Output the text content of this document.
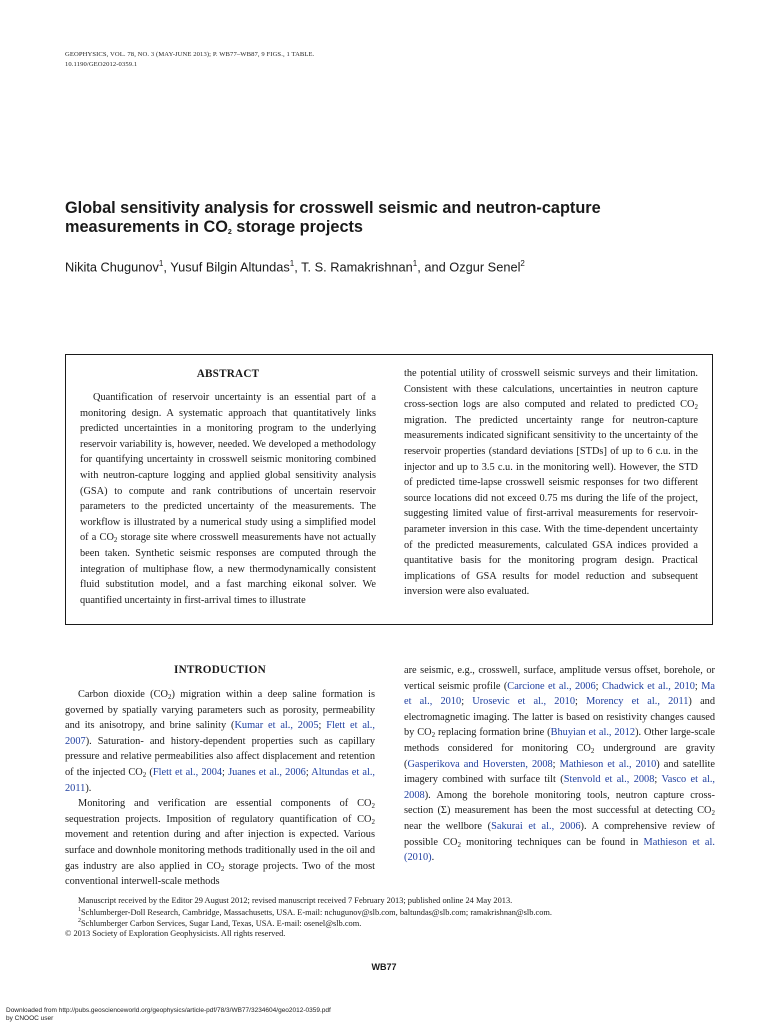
GEOPHYSICS, VOL. 78, NO. 3 (MAY-JUNE 2013); P. WB77–WB87, 9 FIGS., 1 TABLE.
10.1190/GEO2012-0359.1
Global sensitivity analysis for crosswell seismic and neutron-capture
measurements in $CO_2$ storage projects
Nikita Chugunov$^1$, Yusuf Bilgin Altundas$^1$, T. S. Ramakrishnan$^1$, and Ozgur Senel$^2$
ABSTRACT
Quantification of reservoir uncertainty is an essential part of a monitoring design. A systematic approach that quantitatively links predicted uncertainties in a monitoring program to the underlying reservoir variability is, however, needed. We developed a methodology for quantifying uncertainty in crosswell seismic monitoring combined with neutron-capture logging and applied global sensitivity analysis (GSA) to compute and rank contributions of uncertain reservoir parameters to the predicted uncertainty of the measurements. The workflow is illustrated by a numerical study using a simplified model of a $CO_2$ storage site where crosswell measurements have not actually been taken. Synthetic seismic responses are computed through the integration of multiphase flow, a new thermodynamically consistent fluid substitution model, and a fast marching eikonal solver. We quantified uncertainty in first-arrival times to illustrate
the potential utility of crosswell seismic surveys and their limitation. Consistent with these calculations, uncertainties in neutron capture cross-section logs are also computed and related to predicted $CO_2$ migration. The predicted uncertainty range for neutron-capture measurements indicated significant sensitivity to the uncertainty of the reservoir properties (standard deviations [STDs] of up to 6 c.u. in the injector and up to 3.5 c.u. in the monitoring well). However, the STD of predicted time-lapse crosswell seismic responses for two different source locations did not exceed 0.75 ms during the life of the project, suggesting limited value of first-arrival measurements for reservoir-parameter inversion in this case. With the time-dependent uncertainty of the predicted measurements, calculated GSA indices provided a quantitative basis for the monitoring program design. Practical implications of GSA results for model reduction and subsequent inversion were also evaluated.
INTRODUCTION
Carbon dioxide $(CO_2)$ migration within a deep saline formation is governed by spatially varying parameters such as porosity, permeability and its anisotropy, and brine salinity (Kumar et al., 2005; Flett et al., 2007). Saturation- and history-dependent properties such as capillary pressure and relative permeabilities also affect displacement and retention of the injected $CO_2$ (Flett et al., 2004; Juanes et al., 2006; Altundas et al., 2011).
Monitoring and verification are essential components of $CO_2$ sequestration projects. Imposition of regulatory quantification of $CO_2$ movement and retention during and after injection is expected. Various surface and downhole monitoring methods traditionally used in the oil and gas industry are also applied in $CO_2$ storage projects. Two of the most conventional interwell-scale methods
are seismic, e.g., crosswell, surface, amplitude versus offset, borehole, or vertical seismic profile (Carcione et al., 2006; Chadwick et al., 2010; Ma et al., 2010; Urosevic et al., 2010; Morency et al., 2011) and electromagnetic imaging. The latter is based on resistivity changes caused by $CO_2$ replacing formation brine (Bhuyian et al., 2012). Other large-scale methods considered for monitoring $CO_2$ underground are gravity (Gasperikova and Hoversten, 2008; Mathieson et al., 2010) and satellite imagery combined with surface tilt (Stenvold et al., 2008; Vasco et al., 2008). Among the borehole monitoring tools, neutron capture cross-section (Σ) measurement has been the most successful at detecting $CO_2$ near the wellbore (Sakurai et al., 2006). A comprehensive review of possible $CO_2$ monitoring techniques can be found in Mathieson et al. (2010).

Manuscript received by the Editor 29 August 2012; revised manuscript received 7 February 2013; published online 24 May 2013.

$^1$Schlumberger-Doll Research, Cambridge, Massachusetts, USA. E-mail: nchugunov@slb.com, baltundas@slb.com; ramakrishnan@slb.com.

$^2$Schlumberger Carbon Services, Sugar Land, Texas, USA. E-mail: osenel@slb.com.

© 2013 Society of Exploration Geophysicists. All rights reserved.

WB77
Downloaded from http://pubs.geoscienceworld.org/geophysics/article-pdf/78/3/WB77/3234604/geo2012-0359.pdf
by CNOOC user
